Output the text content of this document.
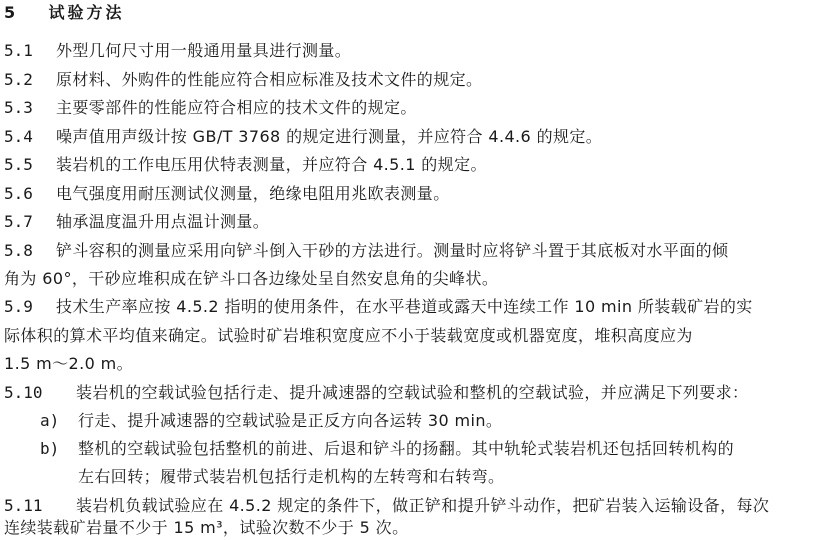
5 试验方法
5.1 外型几何尺寸用一般通用量具进行测量。
5.2 原材料、外购件的性能应符合相应标准及技术文件的规定。
5.3 主要零部件的性能应符合相应的技术文件的规定。
5.4 噪声值用声级计按 GB/T 3768 的规定进行测量，并应符合 4.4.6 的规定。
5.5 装岩机的工作电压用伏特表测量，并应符合 4.5.1 的规定。
5.6 电气强度用耐压测试仪测量，绝缘电阻用兆欧表测量。
5.7 轴承温度温升用点温计测量。
5.8 铲斗容积的测量应采用向铲斗倒入干砂的方法进行。测量时应将铲斗置于其底板对水平面的倾
角为 60°，干砂应堆积成在铲斗口各边缘处呈自然安息角的尖峰状。
5.9 技术生产率应按 4.5.2 指明的使用条件，在水平巷道或露天中连续工作 10 min 所装载矿岩的实
际体积的算术平均值来确定。试验时矿岩堆积宽度应不小于装载宽度或机器宽度，堆积高度应为
1.5 m～2.0 m。
5.10 装岩机的空载试验包括行走、提升减速器的空载试验和整机的空载试验，并应满足下列要求：
a) 行走、提升减速器的空载试验是正反方向各运转 30 min。
b) 整机的空载试验包括整机的前进、后退和铲斗的扬翻。其中轨轮式装岩机还包括回转机构的
左右回转；履带式装岩机包括行走机构的左转弯和右转弯。
5.11 装岩机负载试验应在 4.5.2 规定的条件下，做正铲和提升铲斗动作，把矿岩装入运输设备，每次
连续装载矿岩量不少于 15 m³，试验次数不少于 5 次。
